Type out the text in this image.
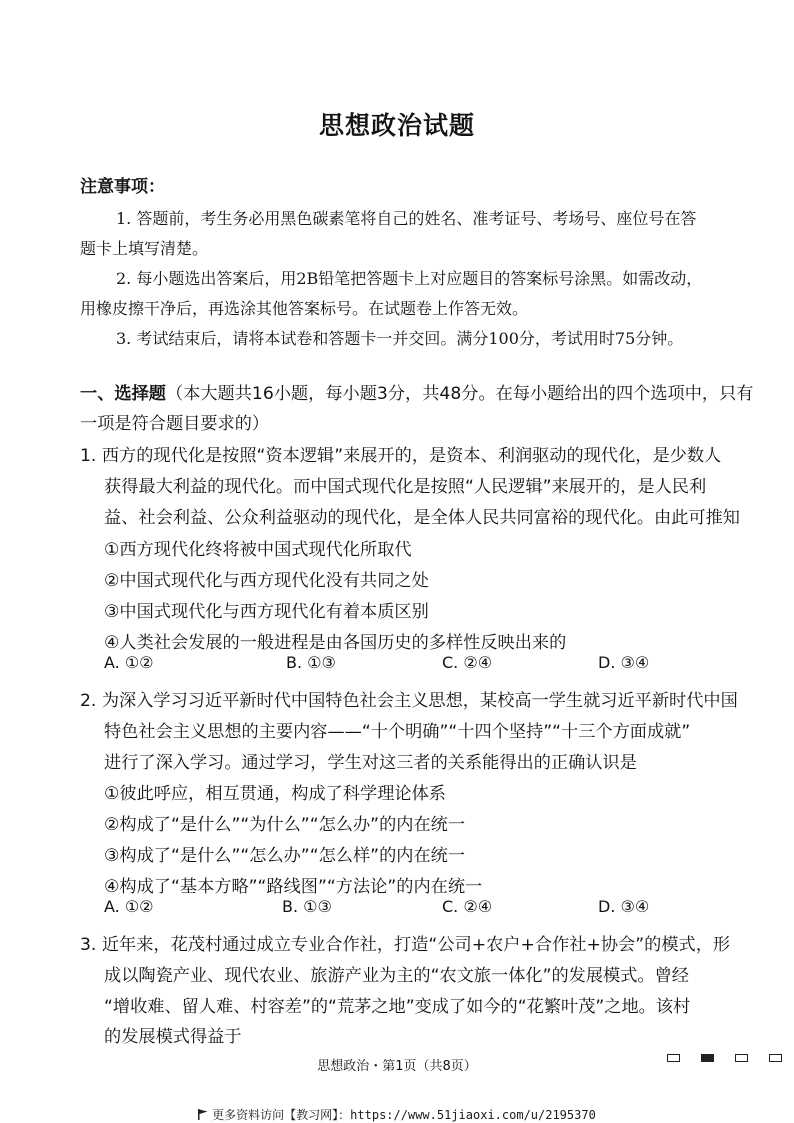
思想政治试题
注意事项：
1. 答题前，考生务必用黑色碳素笔将自己的姓名、准考证号、考场号、座位号在答
题卡上填写清楚。
2. 每小题选出答案后，用2B铅笔把答题卡上对应题目的答案标号涂黑。如需改动，
用橡皮擦干净后，再选涂其他答案标号。在试题卷上作答无效。
3. 考试结束后，请将本试卷和答题卡一并交回。满分100分，考试用时75分钟。
一、选择题（本大题共16小题，每小题3分，共48分。在每小题给出的四个选项中，只有
一项是符合题目要求的）
1. 西方的现代化是按照“资本逻辑”来展开的，是资本、利润驱动的现代化，是少数人
获得最大利益的现代化。而中国式现代化是按照“人民逻辑”来展开的，是人民利
益、社会利益、公众利益驱动的现代化，是全体人民共同富裕的现代化。由此可推知
①西方现代化终将被中国式现代化所取代
②中国式现代化与西方现代化没有共同之处
③中国式现代化与西方现代化有着本质区别
④人类社会发展的一般进程是由各国历史的多样性反映出来的
A. ①②	B. ①③	C. ②④	D. ③④
2. 为深入学习习近平新时代中国特色社会主义思想，某校高一学生就习近平新时代中国
特色社会主义思想的主要内容——“十个明确”“十四个坚持”“十三个方面成就”
进行了深入学习。通过学习，学生对这三者的关系能得出的正确认识是
①彼此呼应，相互贯通，构成了科学理论体系
②构成了“是什么”“为什么”“怎么办”的内在统一
③构成了“是什么”“怎么办”“怎么样”的内在统一
④构成了“基本方略”“路线图”“方法论”的内在统一
A. ①②	B. ①③	C. ②④	D. ③④
3. 近年来，花茂村通过成立专业合作社，打造“公司+农户+合作社+协会”的模式，形
成以陶瓷产业、现代农业、旅游产业为主的“农文旅一体化”的发展模式。曾经
“增收难、留人难、村容差”的“荒茅之地”变成了如今的“花繁叶茂”之地。该村
的发展模式得益于
思想政治・第1页（共8页）
更多资料访问【教习网】：https://www.51jiaoxi.com/u/2195370
